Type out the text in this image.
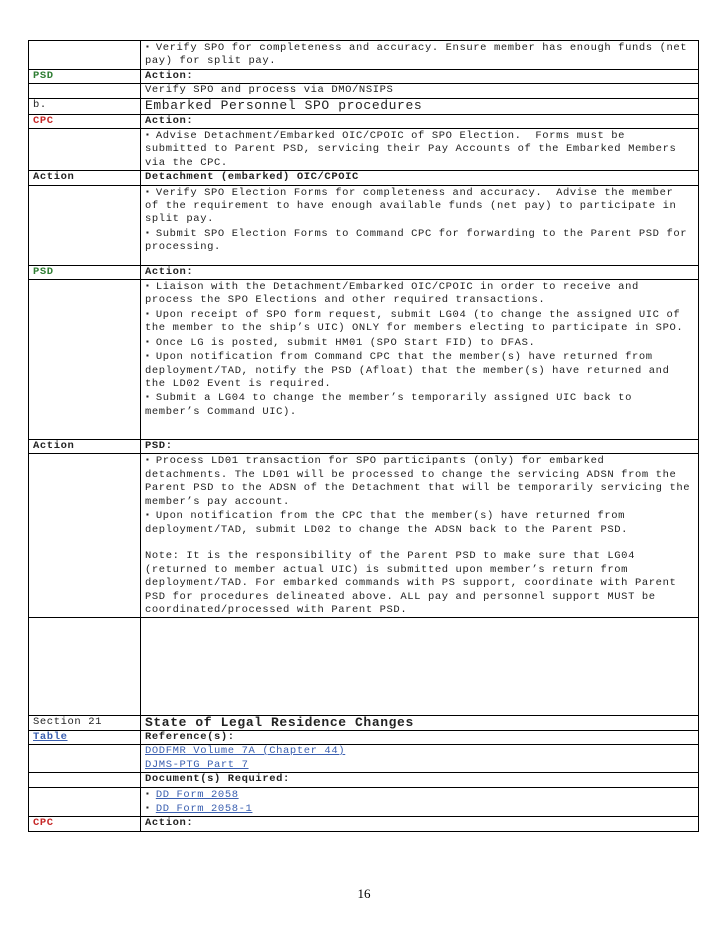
	▪ Verify SPO for completeness and accuracy. Ensure member has enough funds (net pay) for split pay.

PSD	Action:

	Verify SPO and process via DMO/NSIPS

b.	Embarked Personnel SPO procedures

CPC	Action:

	▪ Advise Detachment/Embarked OIC/CPOIC of SPO Election.  Forms must be submitted to Parent PSD, servicing their Pay Accounts of the Embarked Members via the CPC.

Action	Detachment (embarked) OIC/CPOIC

	▪ Verify SPO Election Forms for completeness and accuracy.  Advise the member of the requirement to have enough available funds (net pay) to participate in split pay.
▪ Submit SPO Election Forms to Command CPC for forwarding to the Parent PSD for processing.

PSD	Action:

	▪ Liaison with the Detachment/Embarked OIC/CPOIC in order to receive and process the SPO Elections and other required transactions.
▪ Upon receipt of SPO form request, submit LG04 (to change the assigned UIC of the member to the ship’s UIC) ONLY for members electing to participate in SPO.
▪ Once LG is posted, submit HM01 (SPO Start FID) to DFAS.
▪ Upon notification from Command CPC that the member(s) have returned from deployment/TAD, notify the PSD (Afloat) that the member(s) have returned and the LD02 Event is required.
▪ Submit a LG04 to change the member’s temporarily assigned UIC back to member’s Command UIC).

Action	PSD:

	▪ Process LD01 transaction for SPO participants (only) for embarked detachments. The LD01 will be processed to change the servicing ADSN from the Parent PSD to the ADSN of the Detachment that will be temporarily servicing the member’s pay account.
▪ Upon notification from the CPC that the member(s) have returned from deployment/TAD, submit LD02 to change the ADSN back to the Parent PSD.
Note: It is the responsibility of the Parent PSD to make sure that LG04 (returned to member actual UIC) is submitted upon member’s return from deployment/TAD. For embarked commands with PS support, coordinate with Parent PSD for procedures delineated above. ALL pay and personnel support MUST be coordinated/processed with Parent PSD.

Section 21	State of Legal Residence Changes

Table	Reference(s):

	DODFMR Volume 7A (Chapter 44)
DJMS-PTG Part 7

	Document(s) Required:

	▪ DD Form 2058
▪ DD Form 2058-1

CPC	Action:
16
